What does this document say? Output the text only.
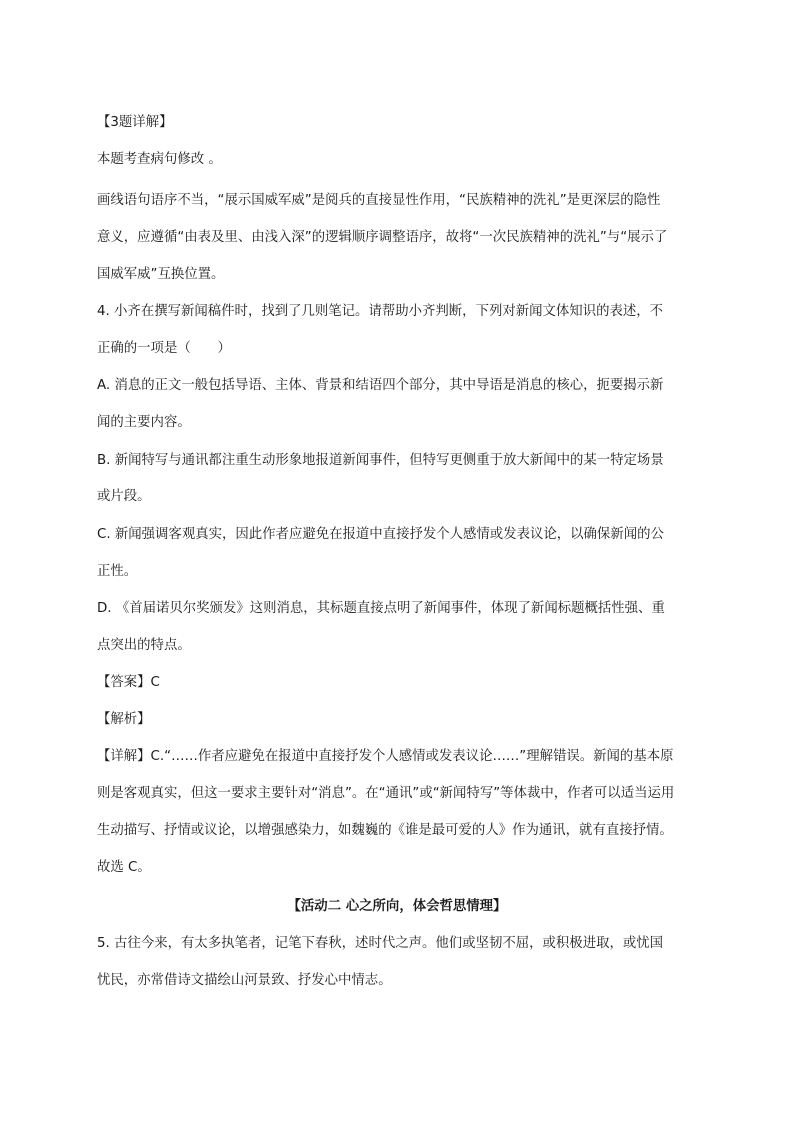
【3题详解】
本题考查病句修改 。
画线语句语序不当，“展示国威军威”是阅兵的直接显性作用，“民族精神的洗礼”是更深层的隐性
意义，应遵循“由表及里、由浅入深”的逻辑顺序调整语序，故将“一次民族精神的洗礼”与“展示了
国威军威”互换位置。
4. 小齐在撰写新闻稿件时，找到了几则笔记。请帮助小齐判断，下列对新闻文体知识的表述，不
正确的一项是（　　）
A. 消息的正文一般包括导语、主体、背景和结语四个部分，其中导语是消息的核心，扼要揭示新
闻的主要内容。
B. 新闻特写与通讯都注重生动形象地报道新闻事件，但特写更侧重于放大新闻中的某一特定场景
或片段。
C. 新闻强调客观真实，因此作者应避免在报道中直接抒发个人感情或发表议论，以确保新闻的公
正性。
D. 《首届诺贝尔奖颁发》这则消息，其标题直接点明了新闻事件，体现了新闻标题概括性强、重
点突出的特点。
【答案】C
【解析】
【详解】C.“……作者应避免在报道中直接抒发个人感情或发表议论……”理解错误。新闻的基本原
则是客观真实，但这一要求主要针对“消息”。在“通讯”或“新闻特写”等体裁中，作者可以适当运用
生动描写、抒情或议论，以增强感染力，如魏巍的《谁是最可爱的人》作为通讯，就有直接抒情。
故选 C。
【活动二 心之所向，体会哲思情理】
5. 古往今来，有太多执笔者，记笔下春秋，述时代之声。他们或坚韧不屈，或积极进取，或忧国
忧民，亦常借诗文描绘山河景致、抒发心中情志。
